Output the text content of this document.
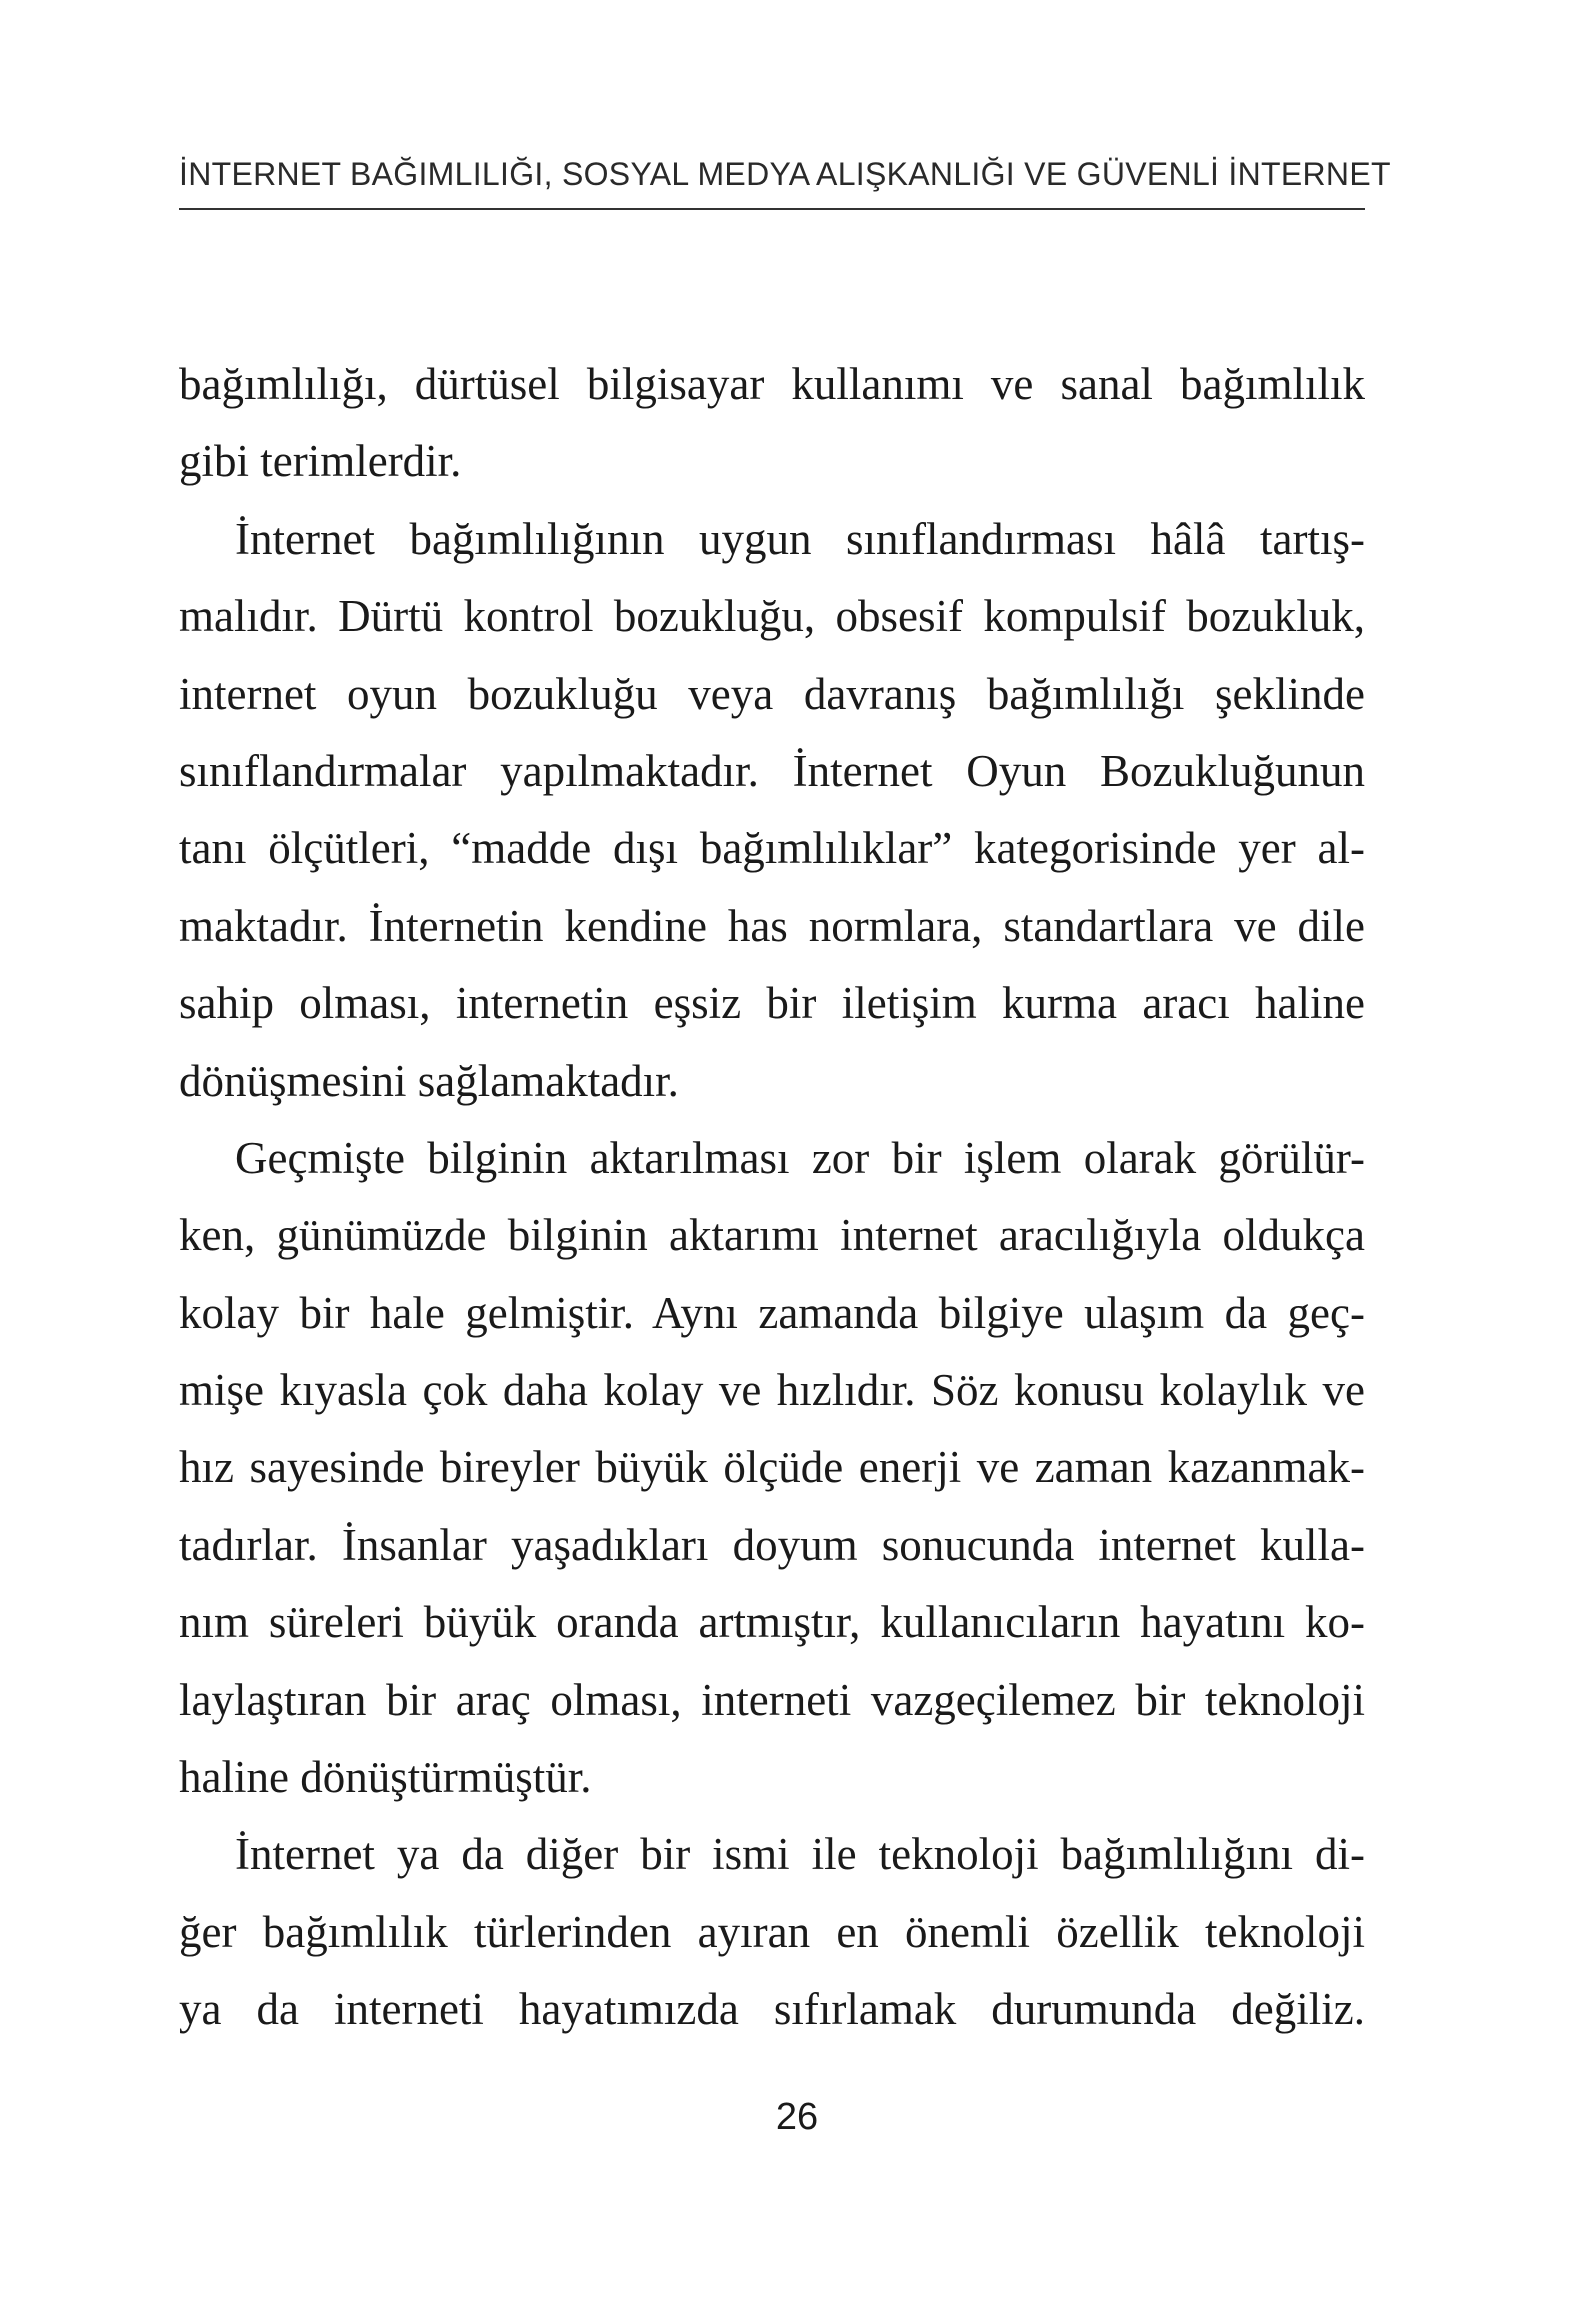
İNTERNET BAĞIMLILIĞI, SOSYAL MEDYA ALIŞKANLIĞI VE GÜVENLİ İNTERNET

bağımlılığı, dürtüsel bilgisayar kullanımı ve sanal bağımlılık
gibi terimlerdir.

İnternet bağımlılığının uygun sınıflandırması hâlâ tartış-
malıdır. Dürtü kontrol bozukluğu, obsesif kompulsif bozukluk,
internet oyun bozukluğu veya davranış bağımlılığı şeklinde
sınıflandırmalar yapılmaktadır. İnternet Oyun Bozukluğunun
tanı ölçütleri, “madde dışı bağımlılıklar” kategorisinde yer al-
maktadır. İnternetin kendine has normlara, standartlara ve dile
sahip olması, internetin eşsiz bir iletişim kurma aracı haline
dönüşmesini sağlamaktadır.

Geçmişte bilginin aktarılması zor bir işlem olarak görülür-
ken, günümüzde bilginin aktarımı internet aracılığıyla oldukça
kolay bir hale gelmiştir. Aynı zamanda bilgiye ulaşım da geç-
mişe kıyasla çok daha kolay ve hızlıdır. Söz konusu kolaylık ve
hız sayesinde bireyler büyük ölçüde enerji ve zaman kazanmak-
tadırlar. İnsanlar yaşadıkları doyum sonucunda internet kulla-
nım süreleri büyük oranda artmıştır, kullanıcıların hayatını ko-
laylaştıran bir araç olması, interneti vazgeçilemez bir teknoloji
haline dönüştürmüştür.

İnternet ya da diğer bir ismi ile teknoloji bağımlılığını di-
ğer bağımlılık türlerinden ayıran en önemli özellik teknoloji
ya da interneti hayatımızda sıfırlamak durumunda değiliz.

26
